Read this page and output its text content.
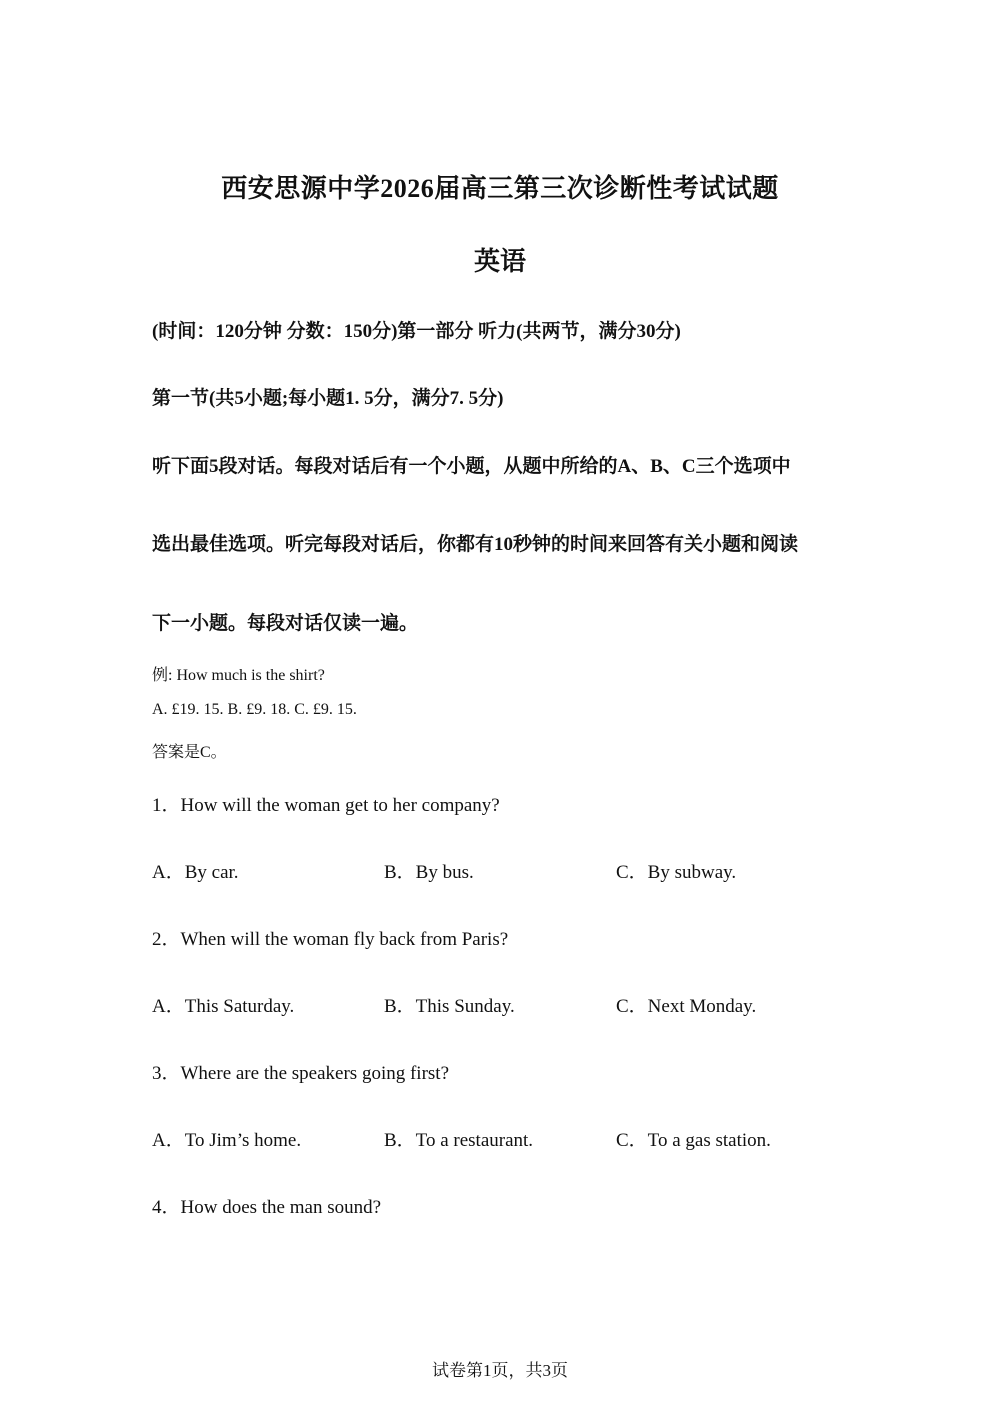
西安思源中学2026届高三第三次诊断性考试试题
英语
(时间：120分钟 分数：150分)第一部分 听力(共两节，满分30分)
第一节(共5小题;每小题1. 5分，满分7. 5分)
听下面5段对话。每段对话后有一个小题，从题中所给的A、B、C三个选项中
选出最佳选项。听完每段对话后，你都有10秒钟的时间来回答有关小题和阅读
下一小题。每段对话仅读一遍。
例: How much is the shirt?
A. £19. 15. B. £9. 18. C. £9. 15.
答案是C。
1．How will the woman get to her company?
A．By car.	B．By bus.	C．By subway.
2．When will the woman fly back from Paris?
A．This Saturday.	B．This Sunday.	C．Next Monday.
3．Where are the speakers going first?
A．To Jim’s home.	B．To a restaurant.	C．To a gas station.
4．How does the man sound?
试卷第1页，共3页
